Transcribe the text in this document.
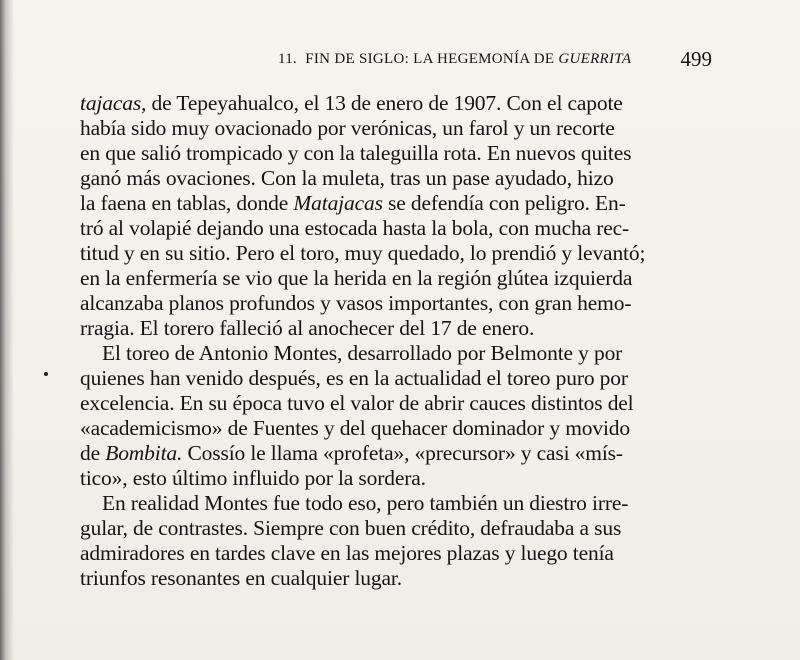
11. FIN DE SIGLO: LA HEGEMONÍA DE GUERRITA 499
tajacas, de Tepeyahualco, el 13 de enero de 1907. Con el capote
había sido muy ovacionado por verónicas, un farol y un recorte
en que salió trompicado y con la taleguilla rota. En nuevos quites
ganó más ovaciones. Con la muleta, tras un pase ayudado, hizo
la faena en tablas, donde Matajacas se defendía con peligro. En-
tró al volapié dejando una estocada hasta la bola, con mucha rec-
titud y en su sitio. Pero el toro, muy quedado, lo prendió y levantó;
en la enfermería se vio que la herida en la región glútea izquierda
alcanzaba planos profundos y vasos importantes, con gran hemo-
rragia. El torero falleció al anochecer del 17 de enero.
El toreo de Antonio Montes, desarrollado por Belmonte y por
quienes han venido después, es en la actualidad el toreo puro por
excelencia. En su época tuvo el valor de abrir cauces distintos del
«academicismo» de Fuentes y del quehacer dominador y movido
de Bombita. Cossío le llama «profeta», «precursor» y casi «mís-
tico», esto último influido por la sordera.
En realidad Montes fue todo eso, pero también un diestro irre-
gular, de contrastes. Siempre con buen crédito, defraudaba a sus
admiradores en tardes clave en las mejores plazas y luego tenía
triunfos resonantes en cualquier lugar.
